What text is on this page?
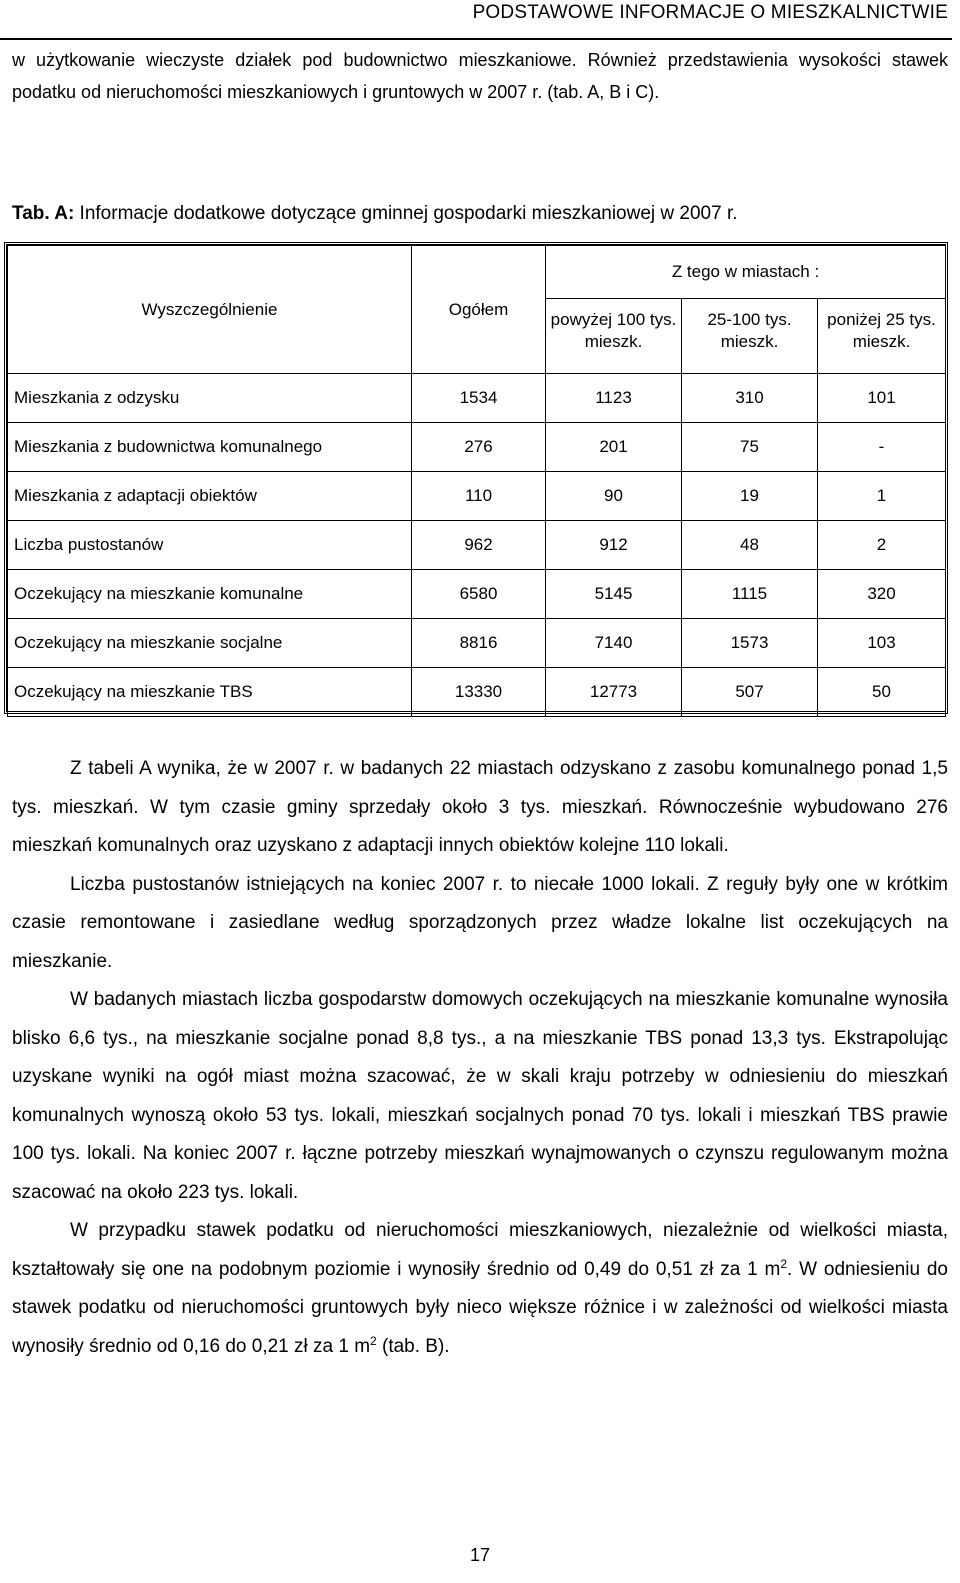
PODSTAWOWE INFORMACJE O MIESZKALNICTWIE

w użytkowanie wieczyste działek pod budownictwo mieszkaniowe. Również przedstawienia wysokości stawek podatku od nieruchomości mieszkaniowych i gruntowych w 2007 r. (tab. A, B i C).

Tab. A: Informacje dodatkowe dotyczące gminnej gospodarki mieszkaniowej w 2007 r.
Wyszczególnienie	Ogółem	Z tego w miastach :		
		powyżej 100 tys. mieszk.	25-100 tys. mieszk.	poniżej 25 tys. mieszk.
Mieszkania z odzysku	1534	1123	310	101
Mieszkania z budownictwa komunalnego	276	201	75	-
Mieszkania z adaptacji obiektów	110	90	19	1
Liczba pustostanów	962	912	48	2
Oczekujący na mieszkanie komunalne	6580	5145	1115	320
Oczekujący na mieszkanie socjalne	8816	7140	1573	103
Oczekujący na mieszkanie TBS	13330	12773	507	50

Z tabeli A wynika, że w 2007 r. w badanych 22 miastach odzyskano z zasobu komunalnego ponad 1,5 tys. mieszkań. W tym czasie gminy sprzedały około 3 tys. mieszkań. Równocześnie wybudowano 276 mieszkań komunalnych oraz uzyskano z adaptacji innych obiektów kolejne 110 lokali.

Liczba pustostanów istniejących na koniec 2007 r. to niecałe 1000 lokali. Z reguły były one w krótkim czasie remontowane i zasiedlane według sporządzonych przez władze lokalne list oczekujących na mieszkanie.

W badanych miastach liczba gospodarstw domowych oczekujących na mieszkanie komunalne wynosiła blisko 6,6 tys., na mieszkanie socjalne ponad 8,8 tys., a na mieszkanie TBS ponad 13,3 tys. Ekstrapolując uzyskane wyniki na ogół miast można szacować, że w skali kraju potrzeby w odniesieniu do mieszkań komunalnych wynoszą około 53 tys. lokali, mieszkań socjalnych ponad 70 tys. lokali i mieszkań TBS prawie 100 tys. lokali. Na koniec 2007 r. łączne potrzeby mieszkań wynajmowanych o czynszu regulowanym można szacować na około 223 tys. lokali.

W przypadku stawek podatku od nieruchomości mieszkaniowych, niezależnie od wielkości miasta, kształtowały się one na podobnym poziomie i wynosiły średnio od 0,49 do 0,51 zł za 1 $m^2$. W odniesieniu do stawek podatku od nieruchomości gruntowych były nieco większe różnice i w zależności od wielkości miasta wynosiły średnio od 0,16 do 0,21 zł za 1 $m^2$ (tab. B).

17
